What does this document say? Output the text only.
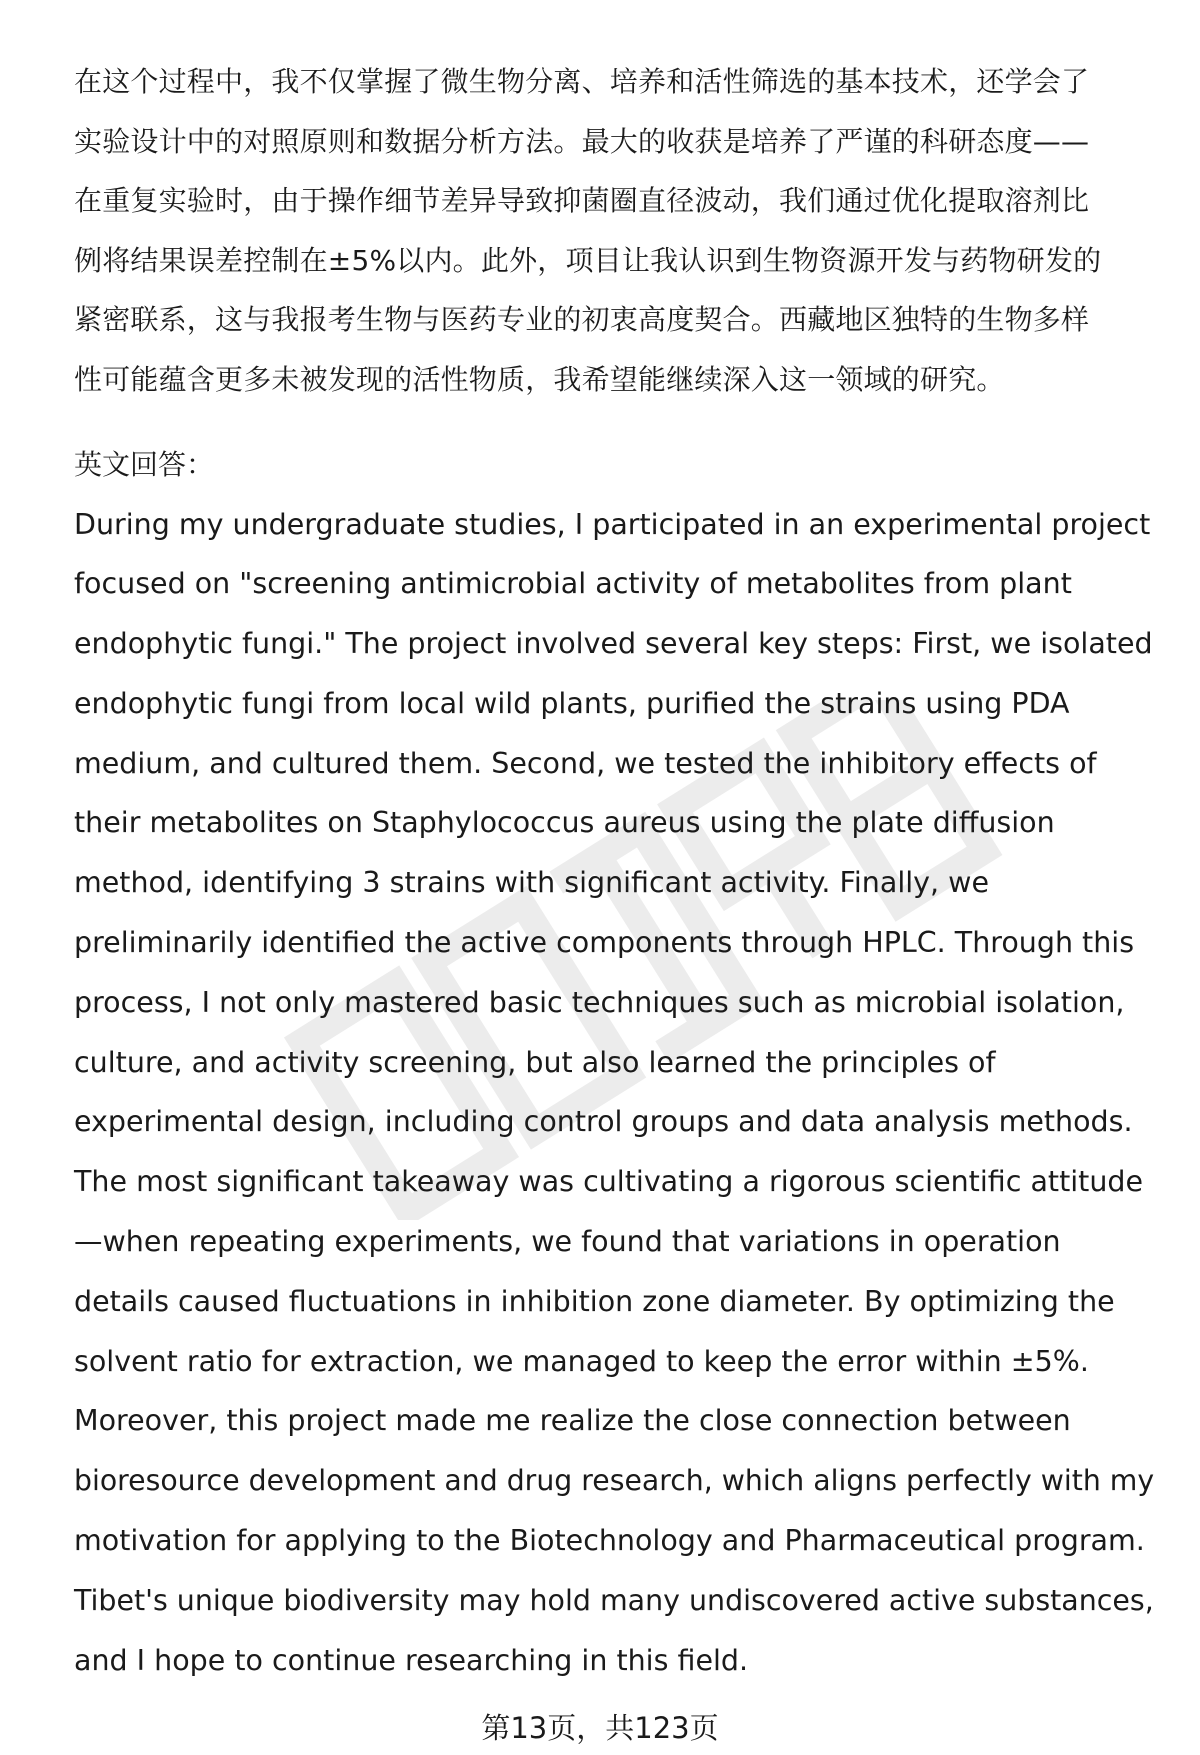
在这个过程中，我不仅掌握了微生物分离、培养和活性筛选的基本技术，还学会了
实验设计中的对照原则和数据分析方法。最大的收获是培养了严谨的科研态度——
在重复实验时，由于操作细节差异导致抑菌圈直径波动，我们通过优化提取溶剂比
例将结果误差控制在±5%以内。此外，项目让我认识到生物资源开发与药物研发的
紧密联系，这与我报考生物与医药专业的初衷高度契合。西藏地区独特的生物多样
性可能蕴含更多未被发现的活性物质，我希望能继续深入这一领域的研究。
英文回答：
During my undergraduate studies, I participated in an experimental project
focused on "screening antimicrobial activity of metabolites from plant
endophytic fungi." The project involved several key steps: First, we isolated
endophytic fungi from local wild plants, purified the strains using PDA
medium, and cultured them. Second, we tested the inhibitory effects of
their metabolites on Staphylococcus aureus using the plate diffusion
method, identifying 3 strains with significant activity. Finally, we
preliminarily identified the active components through HPLC. Through this
process, I not only mastered basic techniques such as microbial isolation,
culture, and activity screening, but also learned the principles of
experimental design, including control groups and data analysis methods.
The most significant takeaway was cultivating a rigorous scientific attitude
—when repeating experiments, we found that variations in operation
details caused fluctuations in inhibition zone diameter. By optimizing the
solvent ratio for extraction, we managed to keep the error within ±5%.
Moreover, this project made me realize the close connection between
bioresource development and drug research, which aligns perfectly with my
motivation for applying to the Biotechnology and Pharmaceutical program.
Tibet's unique biodiversity may hold many undiscovered active substances,
and I hope to continue researching in this field.
第13页，共123页
